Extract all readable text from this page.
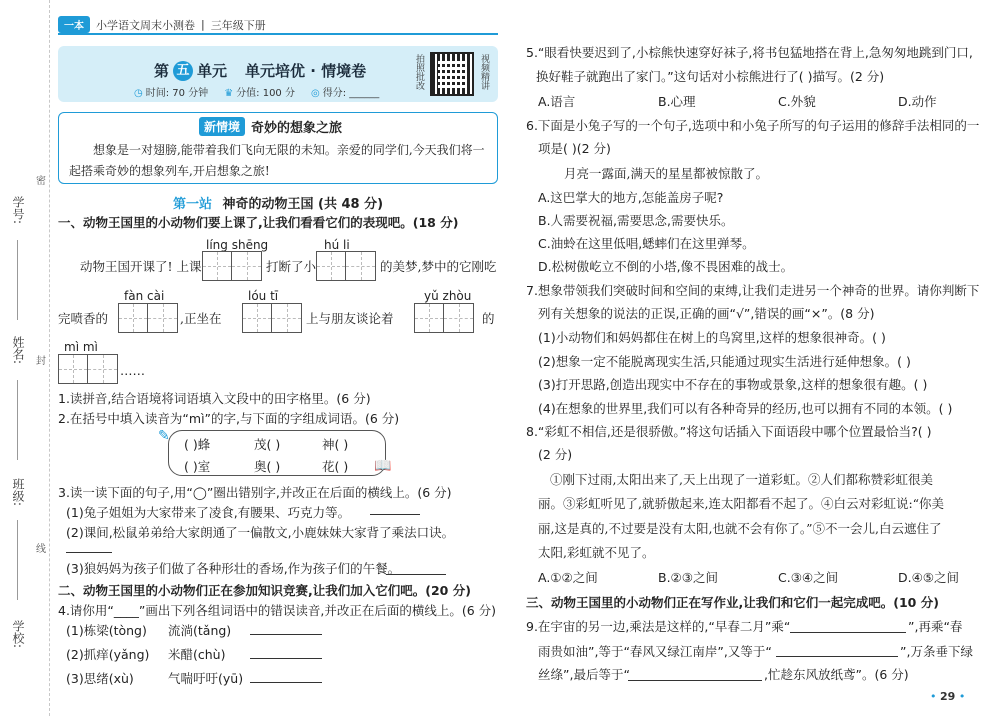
学号:
姓名:
班级:
学校:
密
封
线
一本	小学语文周末小测卷 | 三年级下册
第 五 单元 单元培优 · 情境卷
◷ 时间: 70 分钟 ♛ 分值: 100 分 ◎ 得分: ______
拍照批改	视频精讲
新情境 奇妙的想象之旅
想象是一对翅膀,能带着我们飞向无限的未知。亲爱的同学们,今天我们将一起搭乘奇妙的想象列车,开启想象之旅!
第一站 神奇的动物王国 (共 48 分)
一、动物王国里的小动物们要上课了,让我们看看它们的表现吧。(18 分)
líng shēng	hú li
动物王国开课了! 上课	打断了小	的美梦,梦中的它刚吃
fàn cài	lóu tī	yǔ zhòu
完喷香的	,正坐在	上与朋友谈论着	的
mì mì
……
1.读拼音,结合语境将词语填入文段中的田字格里。(6 分)
2.在括号中填入读音为“mì”的字,与下面的字组成词语。(6 分)
✎
📖
( )蜂	茂( )	神( )
( )室	奥( )	花( )
3.读一读下面的句子,用“◯”圈出错别字,并改正在后面的横线上。(6 分)
(1)兔子姐姐为大家带来了凌食,有腰果、巧克力等。
(2)课间,松鼠弟弟给大家朗通了一偏散文,小鹿妹妹大家背了乘法口诀。
(3)狼妈妈为孩子们做了各种形壮的香场,作为孩子们的午餐。
二、动物王国里的小动物们正在参加知识竞赛,让我们加入它们吧。(20 分)
4.请你用“____”画出下列各组词语中的错误读音,并改正在后面的横线上。(6 分)
(1)栋梁(tòng) 流淌(tǎng)
(2)抓痒(yǎng) 米醋(chù)
(3)思绪(xù)	气喘吁吁(yū)
5.“眼看快要迟到了,小棕熊快速穿好袜子,将书包猛地搭在背上,急匆匆地跳到门口,
换好鞋子就跑出了家门。”这句话对小棕熊进行了( )描写。(2 分)
A.语言	B.心理	C.外貌	D.动作
6.下面是小兔子写的一个句子,选项中和小兔子所写的句子运用的修辞手法相同的一
项是( )(2 分)
月亮一露面,满天的星星都被惊散了。
A.这巴掌大的地方,怎能盖房子呢?
B.人需要祝福,需要思念,需要快乐。
C.油蛉在这里低唱,蟋蟀们在这里弹琴。
D.松树傲屹立不倒的小塔,像不畏困难的战士。
7.想象带领我们突破时间和空间的束缚,让我们走进另一个神奇的世界。请你判断下
列有关想象的说法的正误,正确的画“√”,错误的画“×”。(8 分)
(1)小动物们和妈妈都住在树上的鸟窝里,这样的想象很神奇。( )
(2)想象一定不能脱离现实生活,只能通过现实生活进行延伸想象。( )
(3)打开思路,创造出现实中不存在的事物或景象,这样的想象很有趣。( )
(4)在想象的世界里,我们可以有各种奇异的经历,也可以拥有不同的本领。( )
8.“彩虹不相信,还是很骄傲。”将这句话插入下面语段中哪个位置最恰当?( )
(2 分)
①刚下过雨,太阳出来了,天上出现了一道彩虹。②人们都称赞彩虹很美
丽。③彩虹听见了,就骄傲起来,连太阳都看不起了。④白云对彩虹说:“你美
丽,这是真的,不过要是没有太阳,也就不会有你了。”⑤不一会儿,白云遮住了
太阳,彩虹就不见了。
A.①②之间	B.②③之间	C.③④之间	D.④⑤之间
三、动物王国里的小动物们正在写作业,让我们和它们一起完成吧。(10 分)
9.在宇宙的另一边,乘法是这样的,“早春二月”乘“	”,再乘“春
雨贵如油”,等于“春风又绿江南岸”,又等于“	”,万条垂下绿
丝绦”,最后等于“	,忙趁东风放纸鸢”。(6 分)
• 29 •
